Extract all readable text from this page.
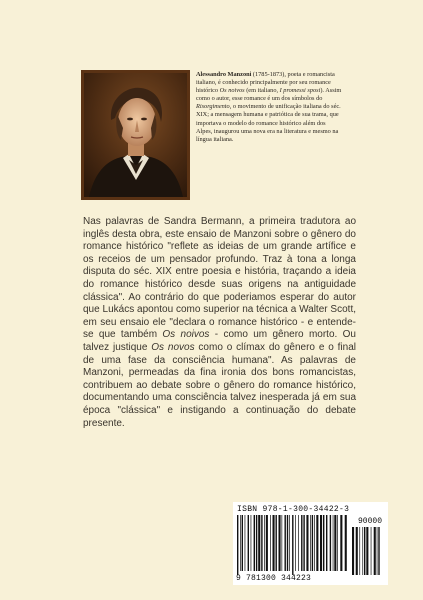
Alessandro Manzoni (1785-1873), poeta e romancista italiano, é conhecido principalmente por seu romance histórico Os noivos (em italiano, I promessi sposi). Assim como o autor, esse romance é um dos símbolos do Risorgimento, o movimento de unificação italiana do séc. XIX; a mensagem humana e patriótica de sua trama, que importava o modelo do romance histórico além dos Alpes, inaugurou uma nova era na literatura e mesmo na língua italiana.
Nas palavras de Sandra Bermann, a primeira tradutora ao inglês desta obra, este ensaio de Manzoni sobre o gênero do romance histórico "reflete as ideias de um grande artífice e os receios de um pensador profundo. Traz à tona a longa disputa do séc. XIX entre poesia e história, traçando a ideia do romance histórico desde suas origens na antiguidade clássica". Ao contrário do que poderiamos esperar do autor que Lukács apontou como superior na técnica a Walter Scott, em seu ensaio ele "declara o romance histórico - e entende-se que também Os noivos - como um gênero morto. Ou talvez justique Os novos como o clímax do gênero e o final de uma fase da consciência humana". As palavras de Manzoni, permeadas da fina ironia dos bons romancistas, contribuem ao debate sobre o gênero do romance histórico, documentando uma consciência talvez inesperada já em sua época "clássica" e instigando a continuação do debate presente.
ISBN 978-1-300-34422-3
90000
9 781300 344223
